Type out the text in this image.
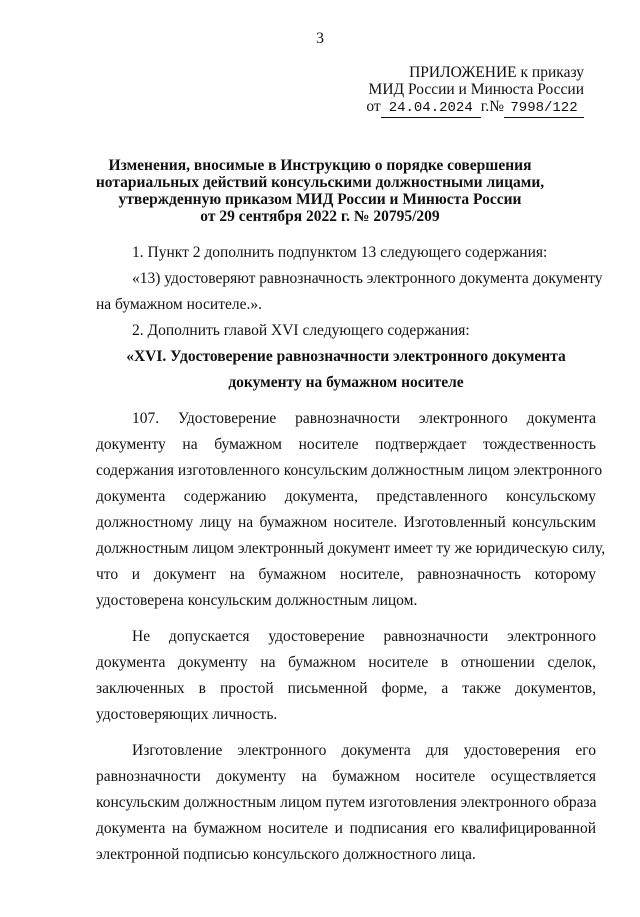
3
ПРИЛОЖЕНИЕ к приказу
МИД России и Минюста России
от 24.04.2024 г.№ 7998/122
Изменения, вносимые в Инструкцию о порядке совершения
нотариальных действий консульскими должностными лицами,
утвержденную приказом МИД России и Минюста России
от 29 сентября 2022 г. № 20795/209
1. Пункт 2 дополнить подпунктом 13 следующего содержания:
«13) удостоверяют равнозначность электронного документа документу
на бумажном носителе.».
2. Дополнить главой XVI следующего содержания:
«XVI. Удостоверение равнозначности электронного документа
документу на бумажном носителе
107. Удостоверение равнозначности электронного документа
документу на бумажном носителе подтверждает тождественность
содержания изготовленного консульским должностным лицом электронного
документа содержанию документа, представленного консульскому
должностному лицу на бумажном носителе. Изготовленный консульским
должностным лицом электронный документ имеет ту же юридическую силу,
что и документ на бумажном носителе, равнозначность которому
удостоверена консульским должностным лицом.
Не допускается удостоверение равнозначности электронного
документа документу на бумажном носителе в отношении сделок,
заключенных в простой письменной форме, а также документов,
удостоверяющих личность.
Изготовление электронного документа для удостоверения его
равнозначности документу на бумажном носителе осуществляется
консульским должностным лицом путем изготовления электронного образа
документа на бумажном носителе и подписания его квалифицированной
электронной подписью консульского должностного лица.
